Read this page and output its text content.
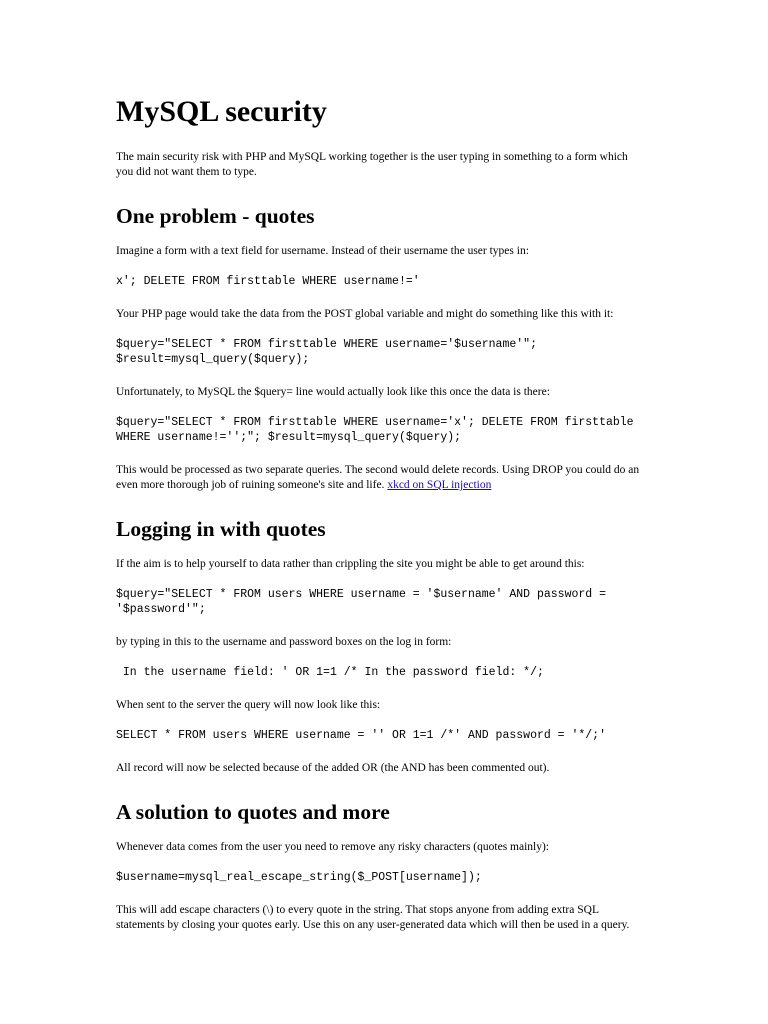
MySQL security

The main security risk with PHP and MySQL working together is the user typing in something to a form which you did not want them to type.

One problem - quotes

Imagine a form with a text field for username. Instead of their username the user types in:

x'; DELETE FROM firsttable WHERE username!='

Your PHP page would take the data from the POST global variable and might do something like this with it:

$query="SELECT * FROM firsttable WHERE username='$username'";
$result=mysql_query($query);

Unfortunately, to MySQL the $query= line would actually look like this once the data is there:

$query="SELECT * FROM firsttable WHERE username='x'; DELETE FROM firsttable WHERE username!='';"; $result=mysql_query($query);

This would be processed as two separate queries. The second would delete records. Using DROP you could do an even more thorough job of ruining someone's site and life. xkcd on SQL injection

Logging in with quotes

If the aim is to help yourself to data rather than crippling the site you might be able to get around this:

$query="SELECT * FROM users WHERE username = '$username' AND password = '$password'";

by typing in this to the username and password boxes on the log in form:

In the username field: ' OR 1=1 /* In the password field: */;

When sent to the server the query will now look like this:

SELECT * FROM users WHERE username = '' OR 1=1 /*' AND password = '*/;'

All record will now be selected because of the added OR (the AND has been commented out).

A solution to quotes and more

Whenever data comes from the user you need to remove any risky characters (quotes mainly):

$username=mysql_real_escape_string($_POST[username]);

This will add escape characters (\) to every quote in the string. That stops anyone from adding extra SQL statements by closing your quotes early. Use this on any user-generated data which will then be used in a query.
